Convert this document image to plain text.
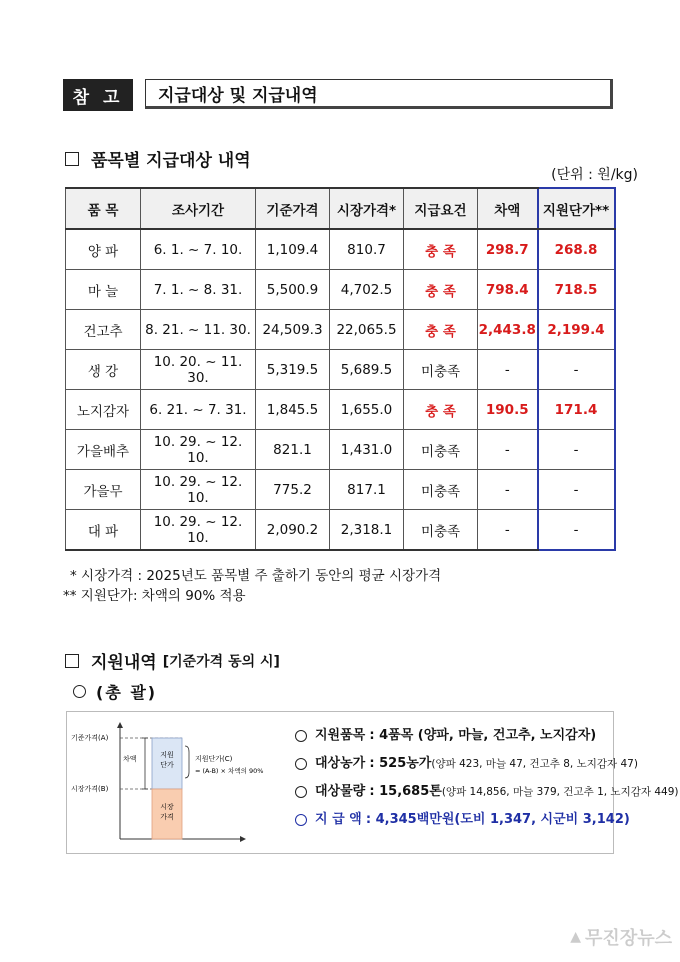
참 고	지급대상 및 지급내역
품목별 지급대상 내역
(단위 : 원/kg)
품 목	조사기간	기준가격	시장가격*	지급요건	차액	지원단가**
양 파	6. 1. ~ 7. 10.	1,109.4	810.7	충 족	298.7	268.8
마 늘	7. 1. ~ 8. 31.	5,500.9	4,702.5	충 족	798.4	718.5
건고추	8. 21. ~ 11. 30.	24,509.3	22,065.5	충 족	2,443.8	2,199.4
생 강	10. 20. ~ 11. 30.	5,319.5	5,689.5	미충족	-	-
노지감자	6. 21. ~ 7. 31.	1,845.5	1,655.0	충 족	190.5	171.4
가을배추	10. 29. ~ 12. 10.	821.1	1,431.0	미충족	-	-
가을무	10. 29. ~ 12. 10.	775.2	817.1	미충족	-	-
대 파	10. 29. ~ 12. 10.	2,090.2	2,318.1	미충족	-	-
* 시장가격 : 2025년도 품목별 주 출하기 동안의 평균 시장가격
** 지원단가: 차액의 90% 적용
지원내역 [기준가격 동의 시]
(총 괄)
기준가격(A)
시장가격(B)
차액	지원
단가
시장
가격
지원단가(C)
= (A-B) × 차액의 90%
지원품목
: 4품목 (양파, 마늘, 건고추, 노지감자)
대상농가
: 525농가 (양파 423, 마늘 47, 건고추 8, 노지감자 47)
대상물량
: 15,685톤 (양파 14,856, 마늘 379, 건고추 1, 노지감자 449)
지 급 액
: 4,345백만원(도비 1,347, 시군비 3,142)
▲ 무진장뉴스
